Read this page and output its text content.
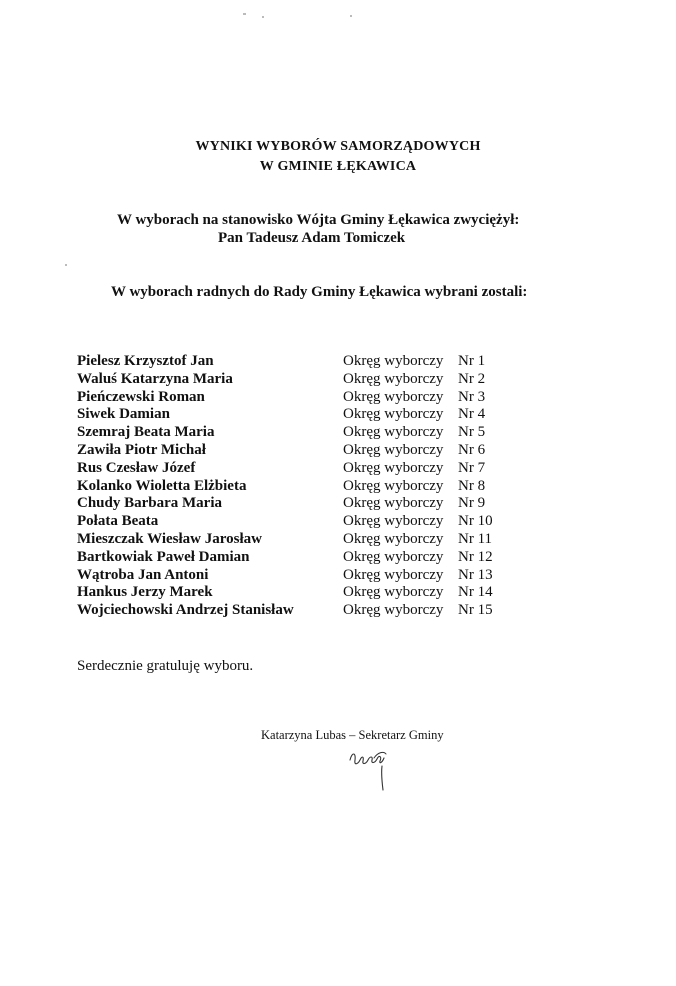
WYNIKI WYBORÓW SAMORZĄDOWYCH
W GMINIE ŁĘKAWICA

W wyborach na stanowisko Wójta Gminy Łękawica zwyciężył:

Pan Tadeusz Adam Tomiczek

W wyborach radnych do Rady Gminy Łękawica wybrani zostali:

Pielesz Krzysztof Jan	Okręg wyborczy Nr 1
Waluś Katarzyna Maria	Okręg wyborczy Nr 2
Pieńczewski Roman	Okręg wyborczy Nr 3
Siwek Damian	Okręg wyborczy Nr 4
Szemraj Beata Maria	Okręg wyborczy Nr 5
Zawiła Piotr Michał	Okręg wyborczy Nr 6
Rus Czesław Józef	Okręg wyborczy Nr 7
Kolanko Wioletta Elżbieta	Okręg wyborczy Nr 8
Chudy Barbara Maria	Okręg wyborczy Nr 9
Połata Beata	Okręg wyborczy Nr 10
Mieszczak Wiesław Jarosław	Okręg wyborczy Nr 11
Bartkowiak Paweł Damian	Okręg wyborczy Nr 12
Wątroba Jan Antoni	Okręg wyborczy Nr 13
Hankus Jerzy Marek	Okręg wyborczy Nr 14
Wojciechowski Andrzej Stanisław	Okręg wyborczy Nr 15

Serdecznie gratuluję wyboru.

Katarzyna Lubas – Sekretarz Gminy
